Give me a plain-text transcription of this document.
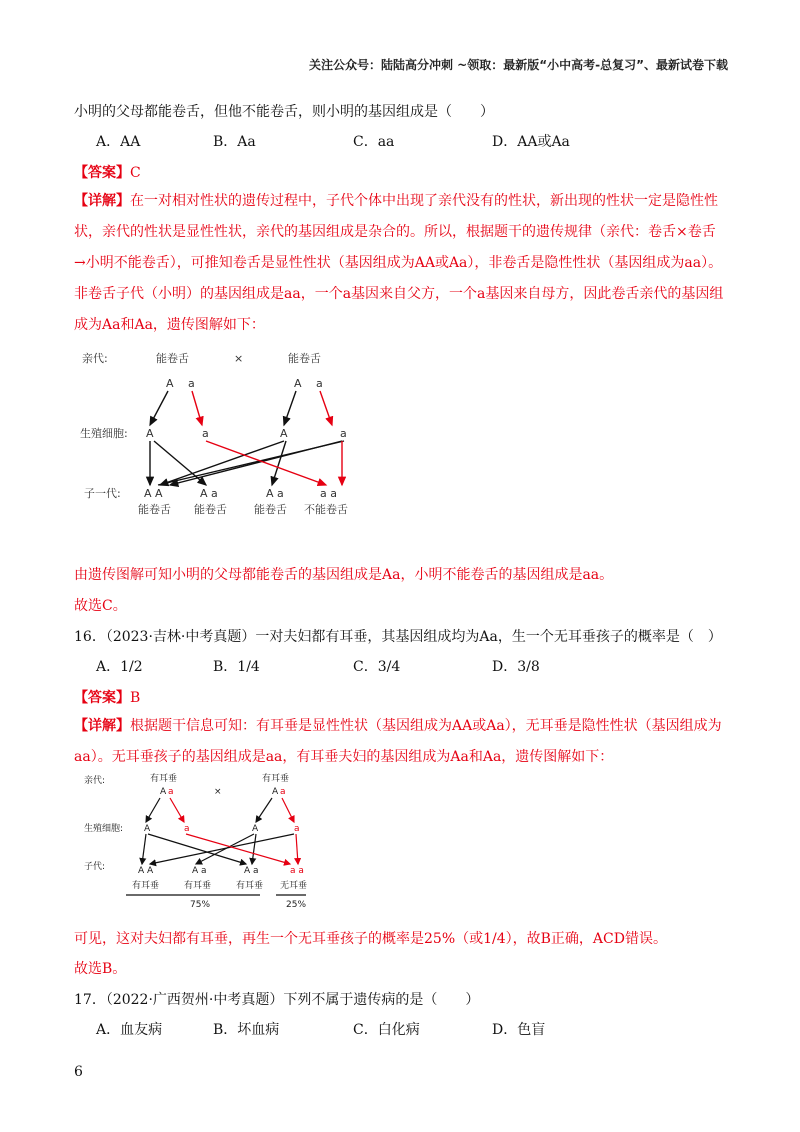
关注公众号：陆陆高分冲刺 ~领取：最新版“小中高考-总复习”、最新试卷下载
小明的父母都能卷舌，但他不能卷舌，则小明的基因组成是（　　）
A．AA	B．Aa	C．aa	D．AA或Aa
【答案】C
【详解】在一对相对性状的遗传过程中，子代个体中出现了亲代没有的性状，新出现的性状一定是隐性性状，亲代的性状是显性性状，亲代的基因组成是杂合的。所以，根据题干的遗传规律（亲代：卷舌×卷舌→小明不能卷舌），可推知卷舌是显性性状（基因组成为AA或Aa），非卷舌是隐性性状（基因组成为aa）。非卷舌子代（小明）的基因组成是aa，一个a基因来自父方，一个a基因来自母方，因此卷舌亲代的基因组成为Aa和Aa，遗传图解如下：
亲代:
生殖细胞:
子一代:
能卷舌	×	能卷舌
A a	A a
A	a	A	a
A A	A a	A a	a a
能卷舌 能卷舌 能卷舌 不能卷舌
由遗传图解可知小明的父母都能卷舌的基因组成是Aa，小明不能卷舌的基因组成是aa。
故选C。
16．（2023·吉林·中考真题）一对夫妇都有耳垂，其基因组成均为Aa，生一个无耳垂孩子的概率是（　）
A．1/2	B．1/4	C．3/4	D．3/8
【答案】B
【详解】根据题干信息可知：有耳垂是显性性状（基因组成为AA或Aa），无耳垂是隐性性状（基因组成为aa）。无耳垂孩子的基因组成是aa，有耳垂夫妇的基因组成为Aa和Aa，遗传图解如下：
亲代:
生殖细胞:
子代:
有耳垂
×
有耳垂
A	A
A	A
A A	A a	A a
有耳垂	有耳垂	有耳垂 无耳垂
75%	25%
a	a
a	a
a a
可见，这对夫妇都有耳垂，再生一个无耳垂孩子的概率是25%（或1/4），故B正确，ACD错误。
故选B。
17．（2022·广西贺州·中考真题）下列不属于遗传病的是（　　）
A．血友病	B．坏血病	C．白化病	D．色盲
6
